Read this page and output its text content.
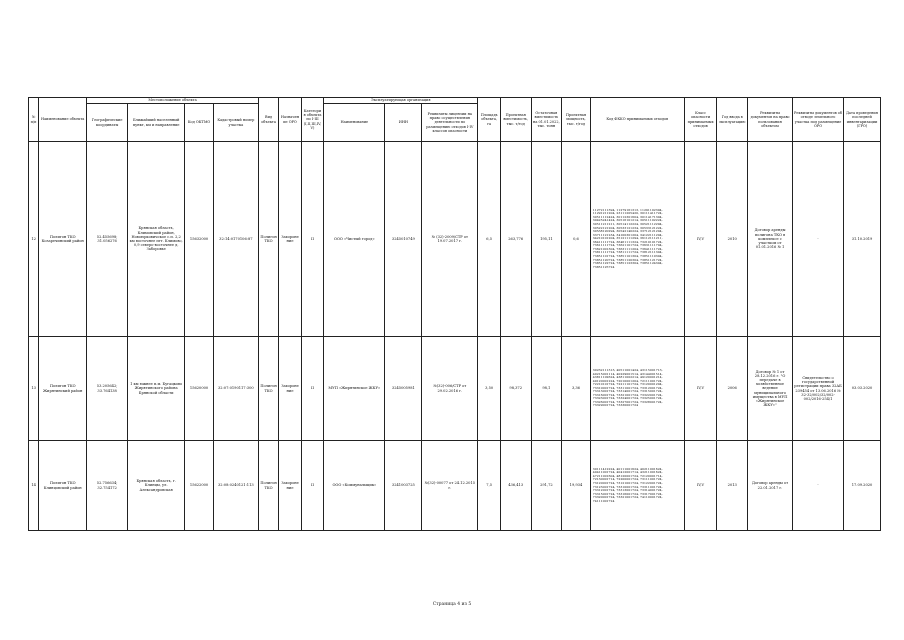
№ п/п	Наименование объекта	Местоположение объекта				Вид объекта	Назначение ОРО	Категория объекта по I-III (I,II,III,IV,V)	Эксплуатирующая организация			Площадь объекта, га	Проектная вместимость, тыс. т/год	Остаточная вместимость на 01.01.2022, тыс. тонн	Проектная мощность, тыс. т/год	Код ФККО принимаемых отходов	Класс опасности принимаемых отходов	Год ввода в эксплуатацию	Реквизиты документов на право пользования объектом	Реквизиты документов об отводе земельного участка под размещение ОРО	Дата проведения последней инвентаризации (ГРО)
		Географические координаты	Ближайший населенный пункт, км и направление	Код ОКТМО	Кадастровый номер участка				Наименование	ИНН	Реквизиты лицензии на право осуществления деятельности по размещению отходов I-IV классов опасности										
12	Полигон ТКО Козаречинский район	52.455698; 31.056276	Брянская область, Климовский район, Новоюрковичское с.п. 2,2 км восточнее пгт. Климово, 0,9 северо-восточнее д. Заборовье	15632000	32:14:0170106:87	Полигон ТКО	Захоронение	II	ООО «Чистый город»	3245010749	№ (32)-2009/СТР от 19.07.2017 г.	6,5	263,776	195,11	0,6	11272111394, 11279161313, 11291102394, 11291211204, 23111205420, 30111411724, 30511112424, 30112301604, 30114171304, 30425241424, 30516101214, 30511102224, 30511211211, 30514112224, 30521112294, 30522121204, 30533121234, 30533121224, 30538120294, 30542140224, 33712121204, 33711121234, 34100301204, 34122111204, 34210101204, 35121111294, 36112111211, 36411111724, 36461111324, 73210101724, 73611111724, 73621101724, 73631111704, 73621001304, 73631111204, 73641111724, 73811111724, 73811111724, 73812111304, 73851101724, 73851101304, 73851110304, 73851120724, 73851120304, 73851121724, 73851122724, 73851123304, 73851124304, 73851125724	IV,V	2010	Договор аренды полигона ТКО в комплексе с участком от 01.01.2016 № 1	-	31.10.2019
13	Полигон ТКО Жирятинский район	53.205642; 33.764138	1 км южнее п.м. Бугацково Жирятинского района Брянской области	15620000	32:07:0190117:300	Полигон ТКО	Захоронение	II	МУП «Жирятинское ЖКУ»	3245005981	№(32)-006/СТР от 29.02.2016 г.	3,50	98,372	98,1	3,36	30232111313, 40511001424, 43115001713, 40215001114, 40229001514, 43144001514, 43811102624, 43811002214, 49120001214, 49120001224, 72010001204, 72111001724, 72210101724, 72211101724, 73120001204, 73310001724, 73311001724, 73312001724, 73313001724, 73314001724, 73315001724, 73316001724, 73321001724, 73322001724, 73323001724, 73324001724, 73325001724, 73326001724, 73327001724, 73328001724, 73329001724, 73330001724	IV,V	2006	Договор № 1 от 28.12.2016 г. "О передаче в хозяйственное ведение муниципального имущества в МУП «Жирятинское ЖКУ»"	Свидетельство о государственной регистрации права 32АБ 239454 от 13.06.2016 № 32-32/002/32/002-002/2016-254/1	03.03.2020
14	Полигон ТКО Клинцовский район	52.756634; 32.754172	Брянская область, г. Клинцы, ул. Александровская	15622000	32:08:0240121:113	Полигон ТКО	Захоронение	II	ООО «Коммунальщик»	3241003725	№(32)-00077 от 24.12.2015 г.	7,5	436,413	291,72	19,934	30111412224, 40111001624, 40211001624, 40411001724, 40412001714, 43211001624, 47211001604, 48120001724, 72120001714, 72130001714, 72200001724, 73111001724, 73120001724, 73121001724, 73122001724, 73123001724, 73310001724, 73311001724, 73312001724, 73313001724, 73314001724, 73315001724, 73316001724, 73317001724, 73320001724, 73321001724, 74110001724, 74111001724	IV,V	2013	Договор аренды от 22.01.2017 г.	-	17.09.2020
Страница 4 из 5
